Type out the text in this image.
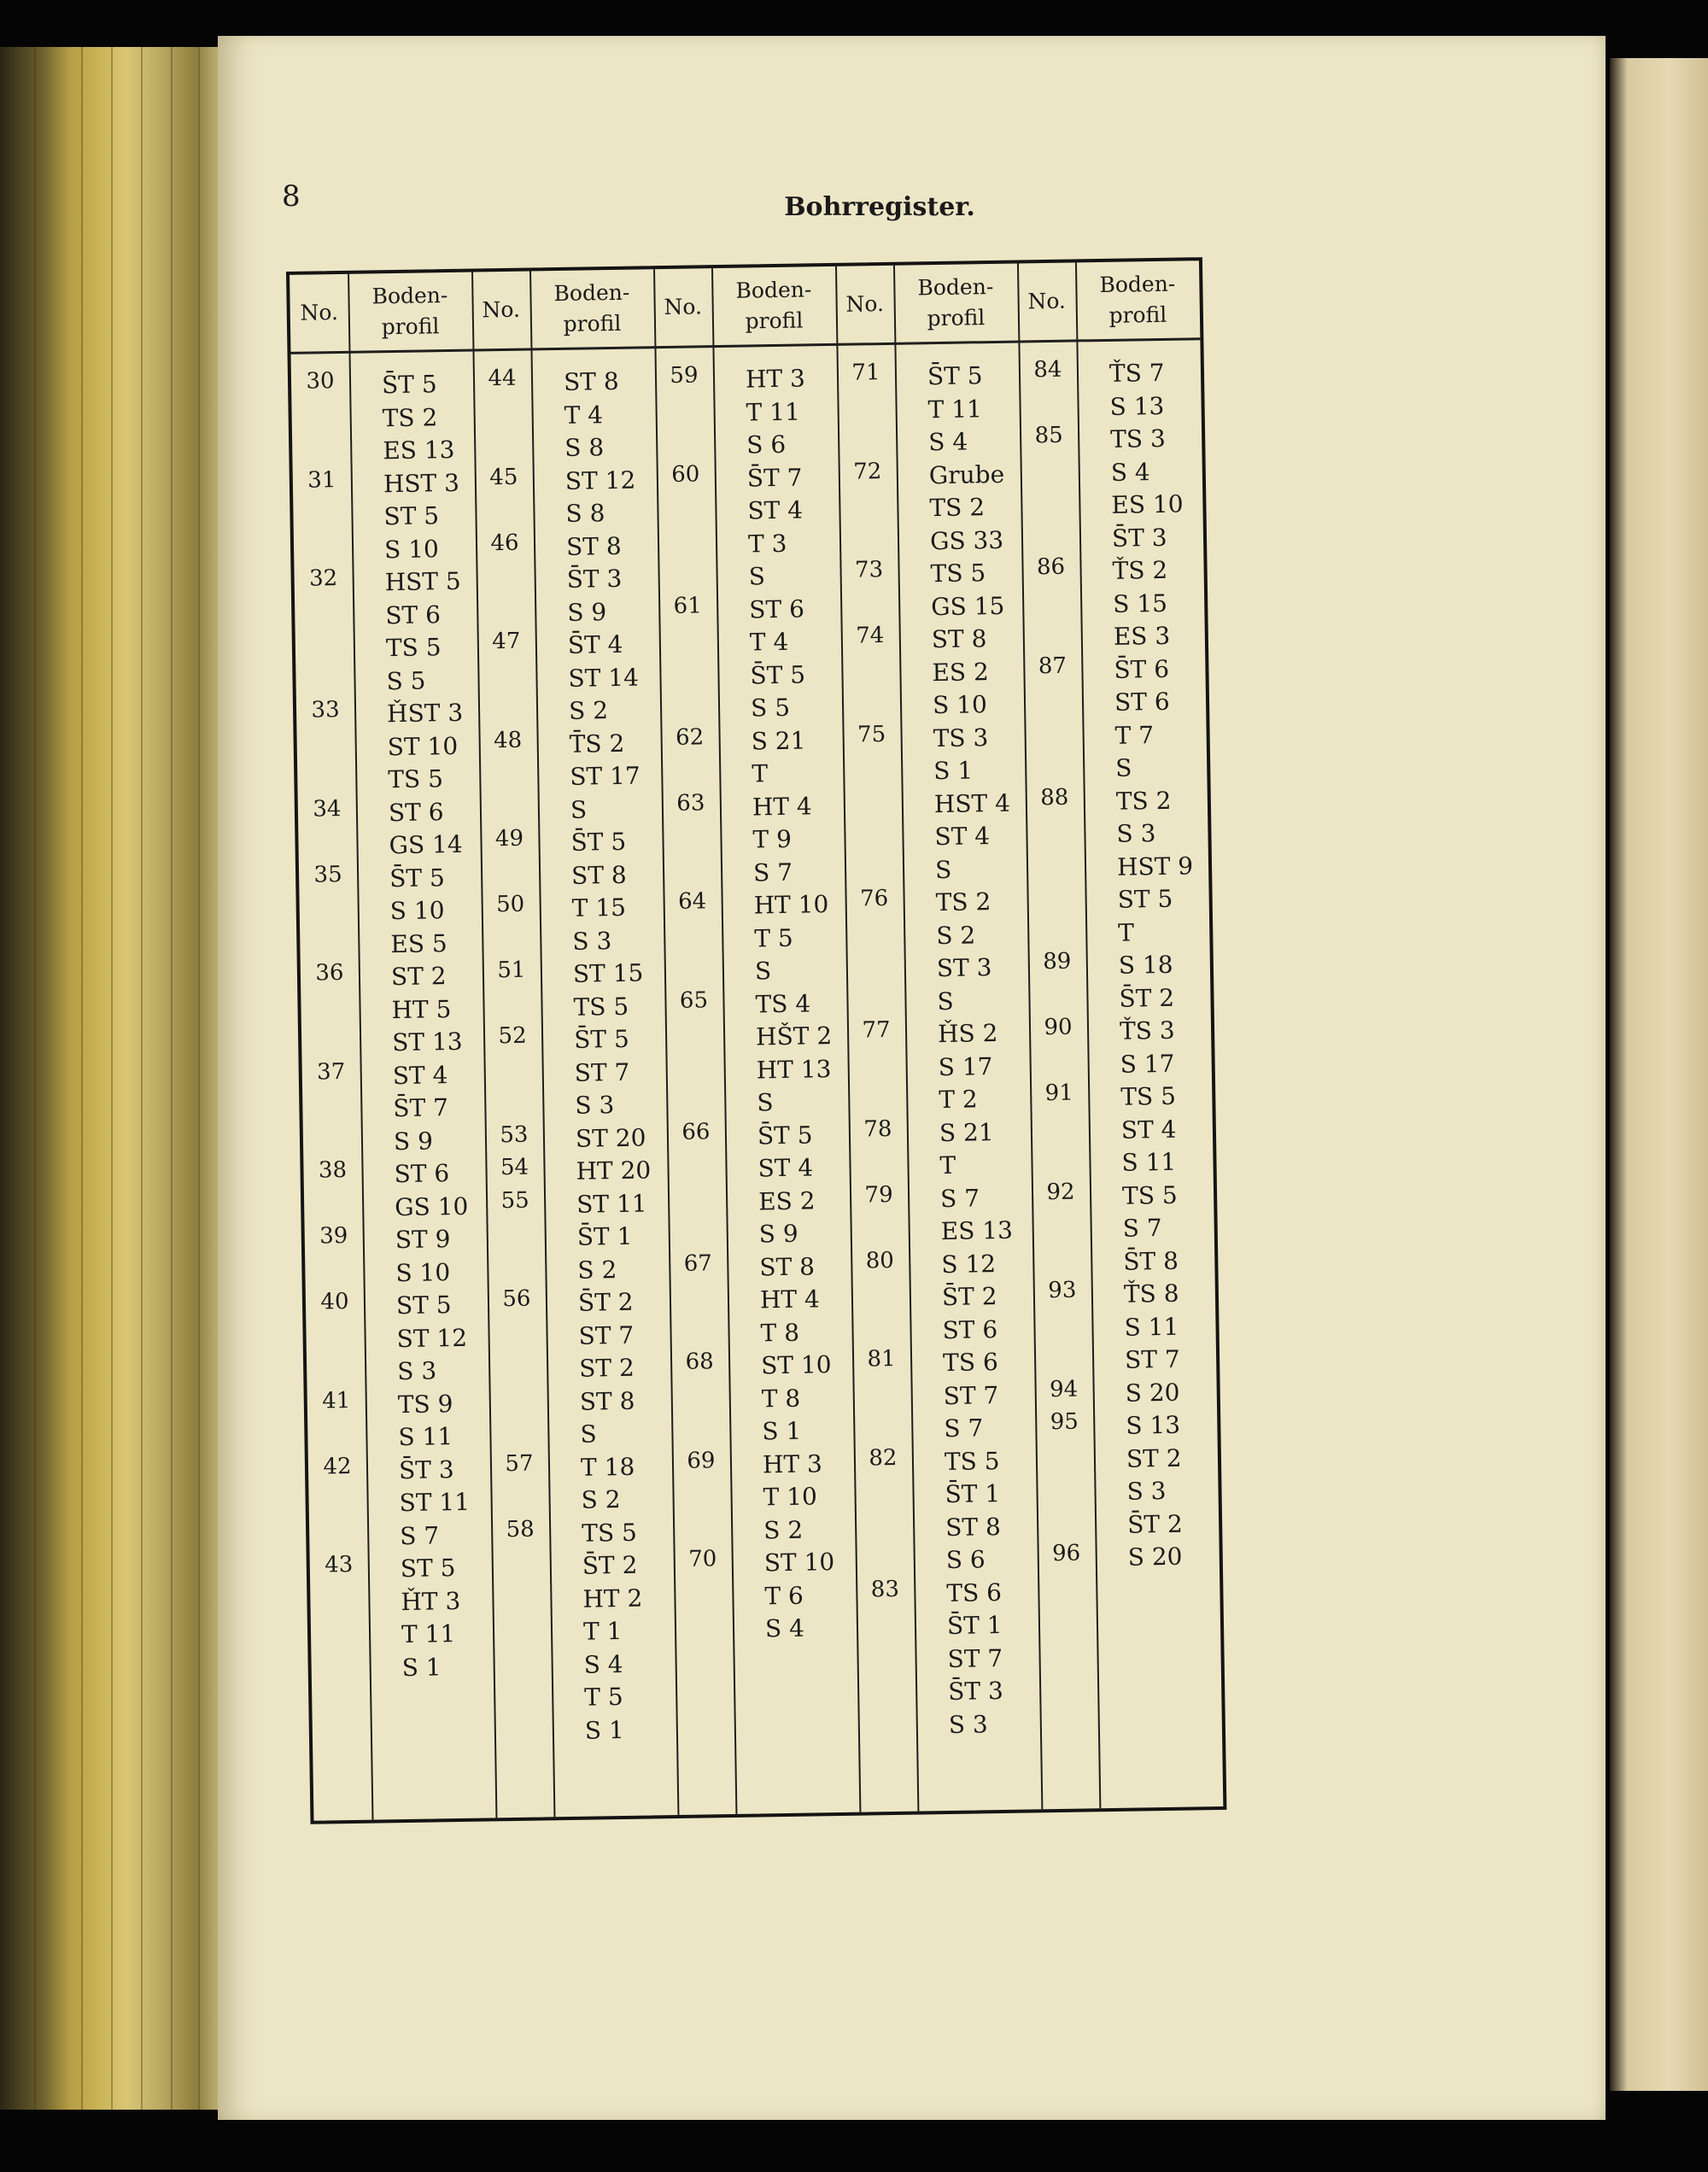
8	Bohrregister.
No.
Boden-
profil
30	S̄T 5
TS 2
ES 13
31	HST 3
ST 5
S 10
32	HST 5
ST 6
TS 5
S 5
33	ȞST 3
ST 10
TS 5
34	ST 6
GS 14
35	S̄T 5
S 10
ES 5
36	ST 2
HT 5
ST 13
37	ST 4
S̄T 7
S 9
38	ST 6
GS 10
39	ST 9
S 10
40	ST 5
ST 12
S 3
41	TS 9
S 11
42	S̄T 3
ST 11
S 7
43	ST 5
ȞT 3
T 11
S 1
No.
Boden-
profil
44	ST 8
T 4
S 8
45	ST 12
S 8
46	ST 8
S̄T 3
S 9
47	S̄T 4
ST 14
S 2
48	T̄S 2
ST 17
S
49	S̄T 5
ST 8
50	T 15
S 3
51	ST 15
TS 5
52	S̄T 5
ST 7
S 3
53	ST 20
54	HT 20
55	ST 11
S̄T 1
S 2
56	S̄T 2
ST 7
ST 2
ST 8
S
57	T 18
S 2
58	TS 5
S̄T 2
HT 2
T 1
S 4
T 5
S 1
No.
Boden-
profil
59	HT 3
T 11
S 6
60	S̄T 7
ST 4
T 3
S
61	ST 6
T 4
S̄T 5
S 5
62	S 21
T
63	HT 4
T 9
S 7
64	HT 10
T 5
S
65	TS 4
HŠT 2
HT 13
S
66	S̄T 5
ST 4
ES 2
S 9
67	ST 8
HT 4
T 8
68	ST 10
T 8
S 1
69	HT 3
T 10
S 2
70	ST 10
T 6
S 4
No.
Boden-
profil
71	S̄T 5
T 11
S 4
72	Grube
TS 2
GS 33
73	TS 5
GS 15
74	ST 8
ES 2
S 10
75	TS 3
S 1
HST 4
ST 4
S
76	TS 2
S 2
ST 3
S
77	ȞS 2
S 17
T 2
78	S 21
T
79	S 7
ES 13
80	S 12
S̄T 2
ST 6
81	TS 6
ST 7
S 7
82	TS 5
S̄T 1
ST 8
S 6
83	TS 6
S̄T 1
ST 7
S̄T 3
S 3
No.
Boden-
profil
84	ŤS 7
S 13
85	TS 3
S 4
ES 10
S̄T 3
86	ŤS 2
S 15
ES 3
87	S̄T 6
ST 6
T 7
S
88	TS 2
S 3
HST 9
ST 5
T
89	S 18
S̄T 2
90	ŤS 3
S 17
91	TS 5
ST 4
S 11
92	TS 5
S 7
S̄T 8
93	ŤS 8
S 11
ST 7
94	S 20
95	S 13
ST 2
S 3
S̄T 2
96	S 20
